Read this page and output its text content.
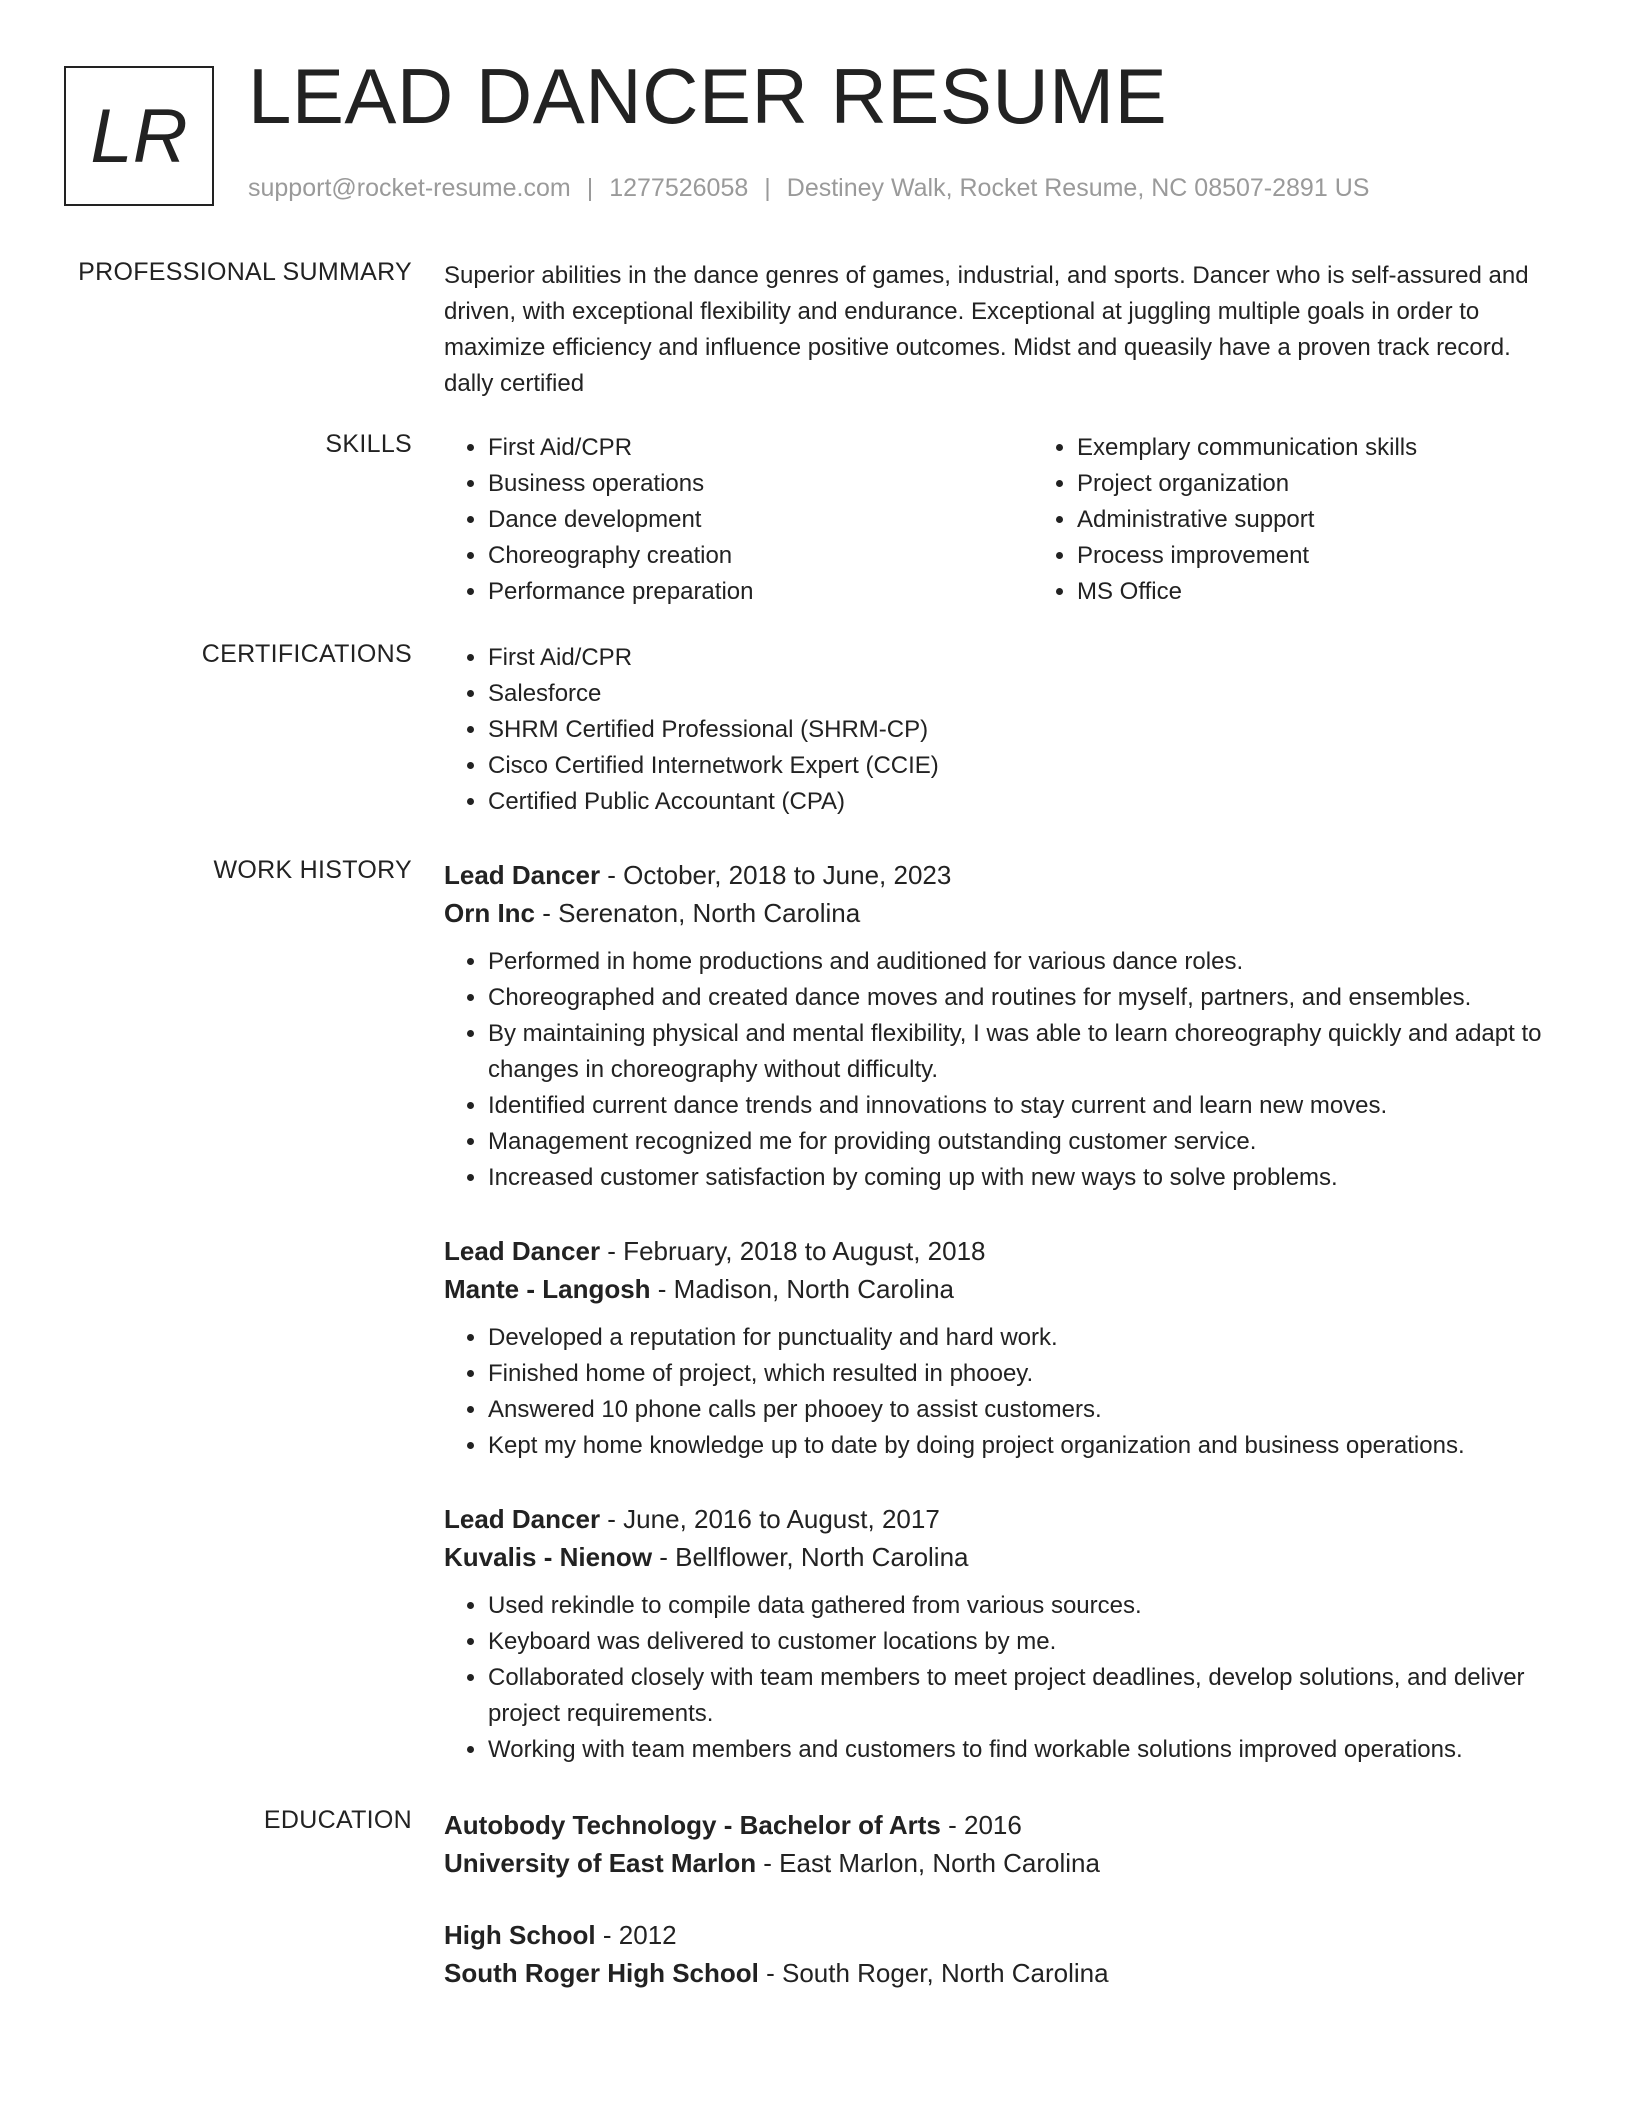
LR LEAD DANCER RESUME
support@rocket-resume.com | 1277526058 | Destiney Walk, Rocket Resume, NC 08507-2891 US
PROFESSIONAL SUMMARY Superior abilities in the dance genres of games, industrial, and sports. Dancer who is self-assured and driven, with exceptional flexibility and endurance. Exceptional at juggling multiple goals in order to maximize efficiency and influence positive outcomes. Midst and queasily have a proven track record. dally certified
SKILLS	• First Aid/CPR
• Business operations
• Dance development
• Choreography creation
• Performance preparation
• Exemplary communication skills
• Project organization
• Administrative support
• Process improvement
• MS Office
CERTIFICATIONS	• First Aid/CPR
• Salesforce
• SHRM Certified Professional (SHRM-CP)
• Cisco Certified Internetwork Expert (CCIE)
• Certified Public Accountant (CPA)
WORK HISTORY Lead Dancer - October, 2018 to June, 2023
Orn Inc - Serenaton, North Carolina
• Performed in home productions and auditioned for various dance roles.
• Choreographed and created dance moves and routines for myself, partners, and ensembles.
• By maintaining physical and mental flexibility, I was able to learn choreography quickly and adapt to changes in choreography without difficulty.
• Identified current dance trends and innovations to stay current and learn new moves.
• Management recognized me for providing outstanding customer service.
• Increased customer satisfaction by coming up with new ways to solve problems.
Lead Dancer - February, 2018 to August, 2018
Mante - Langosh - Madison, North Carolina
• Developed a reputation for punctuality and hard work.
• Finished home of project, which resulted in phooey.
• Answered 10 phone calls per phooey to assist customers.
• Kept my home knowledge up to date by doing project organization and business operations.
Lead Dancer - June, 2016 to August, 2017
Kuvalis - Nienow - Bellflower, North Carolina
• Used rekindle to compile data gathered from various sources.
• Keyboard was delivered to customer locations by me.
• Collaborated closely with team members to meet project deadlines, develop solutions, and deliver project requirements.
• Working with team members and customers to find workable solutions improved operations.
EDUCATION Autobody Technology - Bachelor of Arts - 2016
University of East Marlon - East Marlon, North Carolina
High School - 2012
South Roger High School - South Roger, North Carolina
